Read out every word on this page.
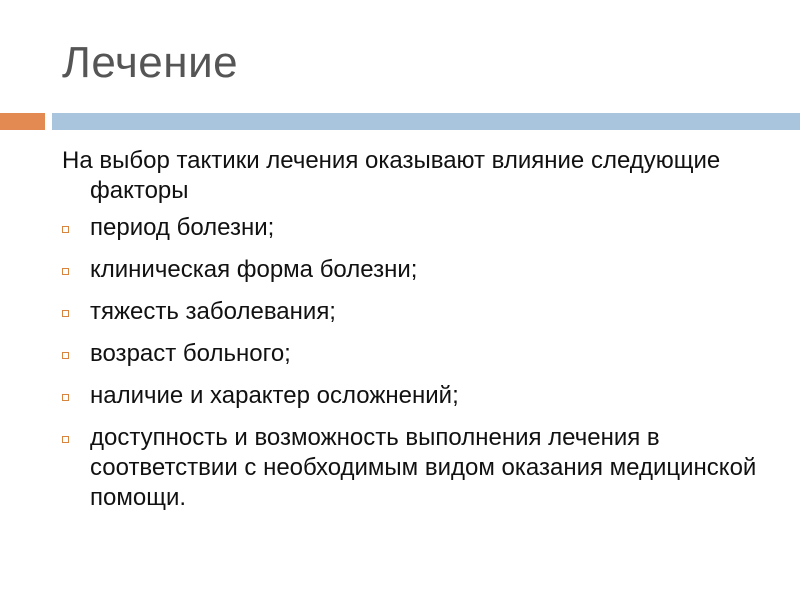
Лечение

На выбор тактики лечения оказывают влияние следующие факторы

период болезни;
клиническая форма болезни;
тяжесть заболевания;
возраст больного;
наличие и характер осложнений;
доступность и возможность выполнения лечения в соответствии с необходимым видом оказания медицинской помощи.
